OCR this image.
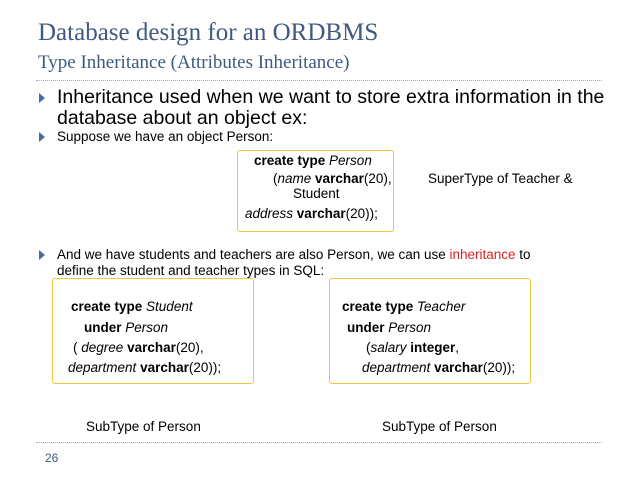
Database design for an ORDBMS
Type Inheritance (Attributes Inheritance)
Inheritance used when we want to store extra information in the database about an object ex:
Suppose we have an object Person:
create type Person
(name varchar(20),	SuperType of Teacher &
Student
address varchar(20));
And we have students and teachers are also Person, we can use inheritance to
define the student and teacher types in SQL:
create type Student
under Person
( degree varchar(20),
department varchar(20));
create type Teacher
under Person
(salary integer,
department varchar(20));
SubType of Person	SubType of Person
26
